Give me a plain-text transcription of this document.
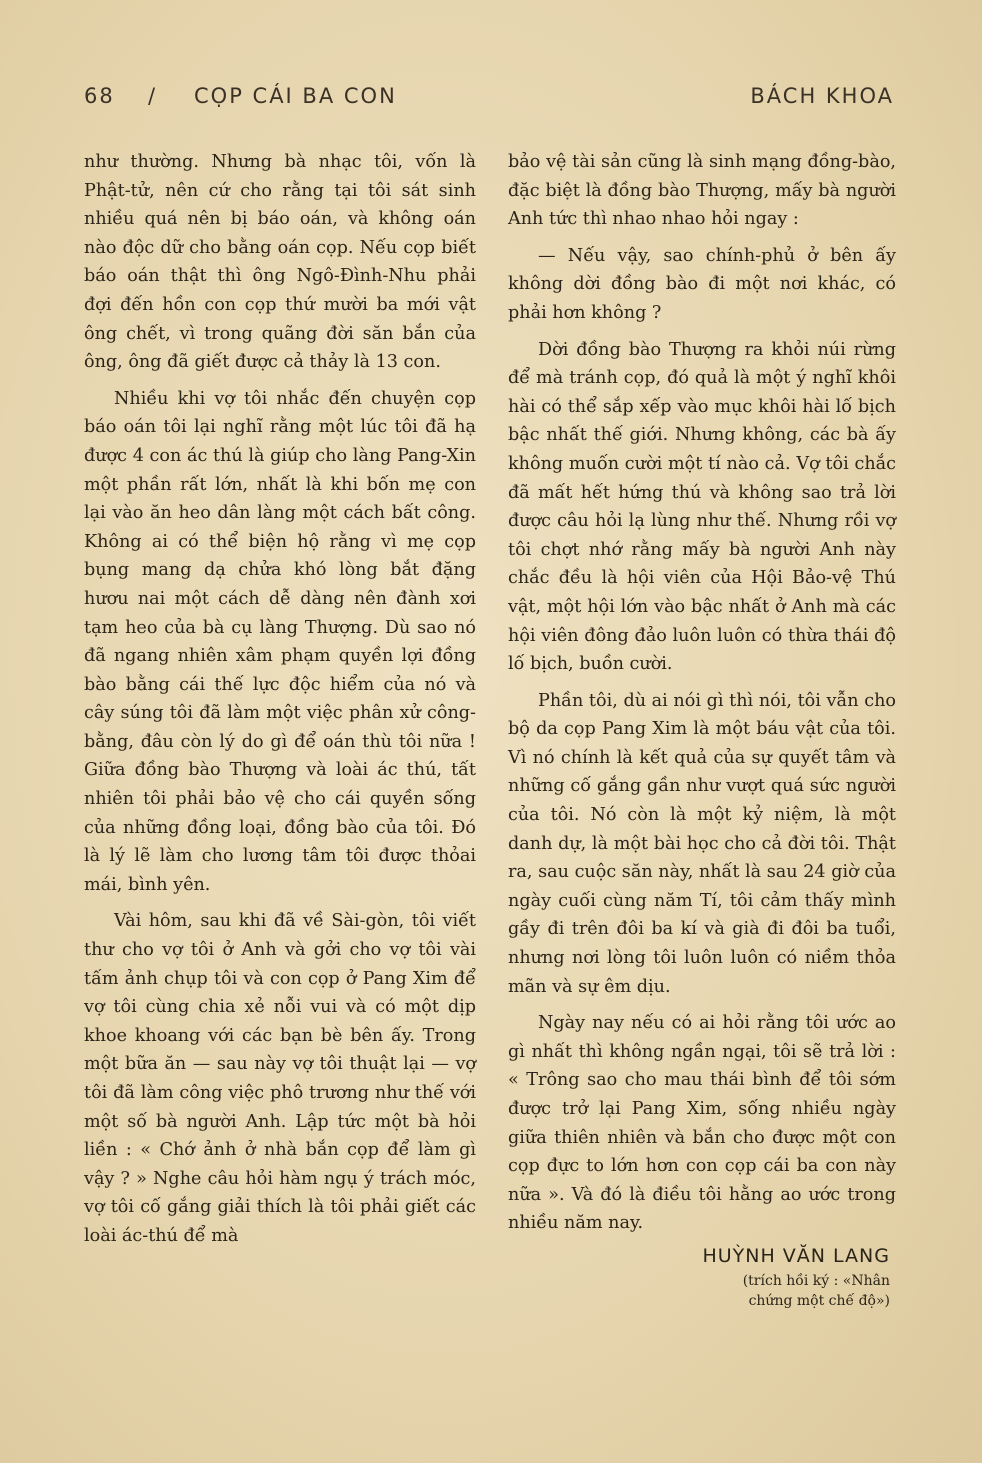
68 / CỌP CÁI BA CON	BÁCH KHOA

như thường. Nhưng bà nhạc tôi, vốn là Phật-tử, nên cứ cho rằng tại tôi sát sinh nhiều quá nên bị báo oán, và không oán nào độc dữ cho bằng oán cọp. Nếu cọp biết báo oán thật thì ông Ngô-Đình-Nhu phải đợi đến hồn con cọp thứ mười ba mới vật ông chết, vì trong quãng đời săn bắn của ông, ông đã giết được cả thảy là 13 con.

Nhiều khi vợ tôi nhắc đến chuyện cọp báo oán tôi lại nghĩ rằng một lúc tôi đã hạ được 4 con ác thú là giúp cho làng Pang-Xin một phần rất lớn, nhất là khi bốn mẹ con lại vào ăn heo dân làng một cách bất công. Không ai có thể biện hộ rằng vì mẹ cọp bụng mang dạ chửa khó lòng bắt đặng hươu nai một cách dễ dàng nên đành xơi tạm heo của bà cụ làng Thượng. Dù sao nó đã ngang nhiên xâm phạm quyền lợi đồng bào bằng cái thế lực độc hiểm của nó và cây súng tôi đã làm một việc phân xử công-bằng, đâu còn lý do gì để oán thù tôi nữa ! Giữa đồng bào Thượng và loài ác thú, tất nhiên tôi phải bảo vệ cho cái quyền sống của những đồng loại, đồng bào của tôi. Đó là lý lẽ làm cho lương tâm tôi được thỏai mái, bình yên.

Vài hôm, sau khi đã về Sài-gòn, tôi viết thư cho vợ tôi ở Anh và gởi cho vợ tôi vài tấm ảnh chụp tôi và con cọp ở Pang Xim để vợ tôi cùng chia xẻ nỗi vui và có một dịp khoe khoang với các bạn bè bên ấy. Trong một bữa ăn — sau này vợ tôi thuật lại — vợ tôi đã làm công việc phô trương như thế với một số bà người Anh. Lập tức một bà hỏi liền : « Chớ ảnh ở nhà bắn cọp để làm gì vậy ? » Nghe câu hỏi hàm ngụ ý trách móc, vợ tôi cố gắng giải thích là tôi phải giết các loài ác-thú để mà

bảo vệ tài sản cũng là sinh mạng đồng-bào, đặc biệt là đồng bào Thượng, mấy bà người Anh tức thì nhao nhao hỏi ngay :

— Nếu vậy, sao chính-phủ ở bên ấy không dời đồng bào đi một nơi khác, có phải hơn không ?

Dời đồng bào Thượng ra khỏi núi rừng để mà tránh cọp, đó quả là một ý nghĩ khôi hài có thể sắp xếp vào mục khôi hài lố bịch bậc nhất thế giới. Nhưng không, các bà ấy không muốn cười một tí nào cả. Vợ tôi chắc đã mất hết hứng thú và không sao trả lời được câu hỏi lạ lùng như thế. Nhưng rồi vợ tôi chợt nhớ rằng mấy bà người Anh này chắc đều là hội viên của Hội Bảo-vệ Thú vật, một hội lớn vào bậc nhất ở Anh mà các hội viên đông đảo luôn luôn có thừa thái độ lố bịch, buồn cười.

Phần tôi, dù ai nói gì thì nói, tôi vẫn cho bộ da cọp Pang Xim là một báu vật của tôi. Vì nó chính là kết quả của sự quyết tâm và những cố gắng gần như vượt quá sức người của tôi. Nó còn là một kỷ niệm, là một danh dự, là một bài học cho cả đời tôi. Thật ra, sau cuộc săn này, nhất là sau 24 giờ của ngày cuối cùng năm Tí, tôi cảm thấy mình gầy đi trên đôi ba kí và già đi đôi ba tuổi, nhưng nơi lòng tôi luôn luôn có niềm thỏa mãn và sự êm dịu.

Ngày nay nếu có ai hỏi rằng tôi ước ao gì nhất thì không ngần ngại, tôi sẽ trả lời : « Trông sao cho mau thái bình để tôi sớm được trở lại Pang Xim, sống nhiều ngày giữa thiên nhiên và bắn cho được một con cọp đực to lớn hơn con cọp cái ba con này nữa ». Và đó là điều tôi hằng ao ước trong nhiều năm nay.

HUỲNH VĂN LANG
(trích hồi ký : «Nhân
chứng một chế độ»)
